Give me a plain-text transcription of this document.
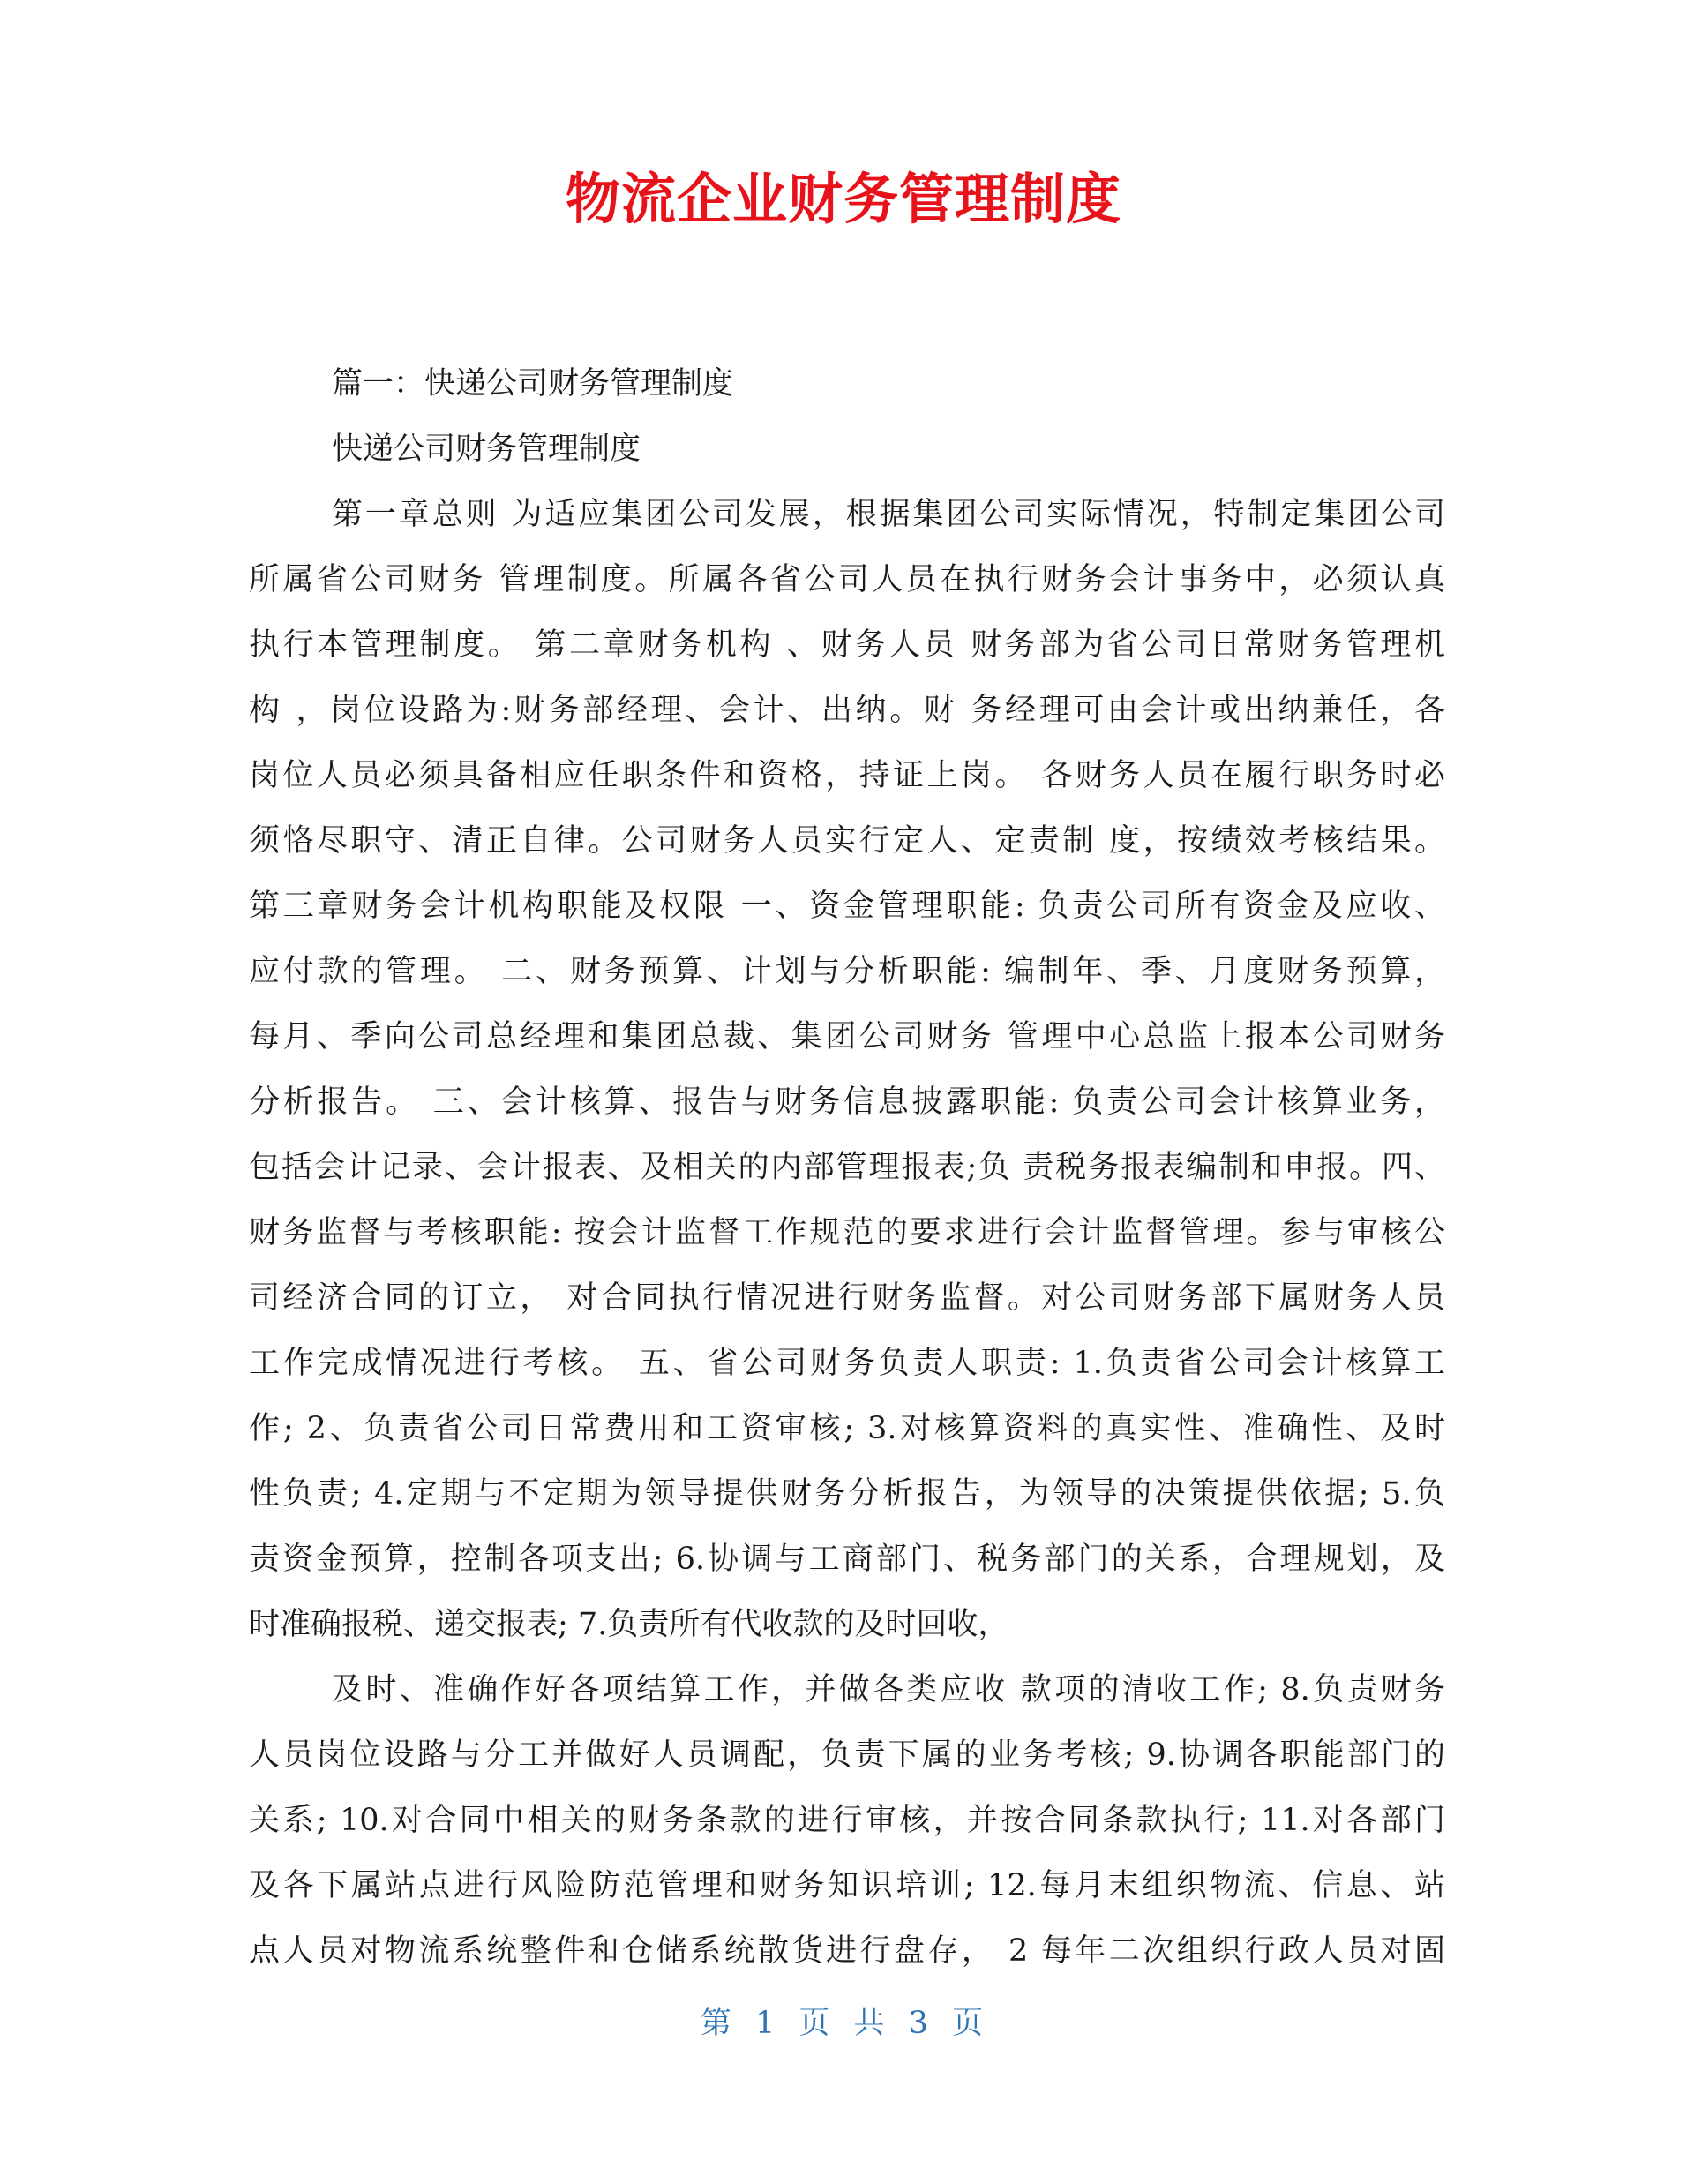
物流企业财务管理制度
篇一：快递公司财务管理制度
快递公司财务管理制度
第一章总则 为适应集团公司发展，根据集团公司实际情况，特制定集团公司
所属省公司财务 管理制度。所属各省公司人员在执行财务会计事务中，必须认真
执行本管理制度。 第二章财务机构 、财务人员 财务部为省公司日常财务管理机
构 ，岗位设路为:财务部经理、会计、出纳。财 务经理可由会计或出纳兼任，各
岗位人员必须具备相应任职条件和资格，持证上岗。 各财务人员在履行职务时必
须恪尽职守、清正自律。公司财务人员实行定人、定责制 度，按绩效考核结果。
第三章财务会计机构职能及权限 一、资金管理职能: 负责公司所有资金及应收、
应付款的管理。 二、财务预算、计划与分析职能: 编制年、季、月度财务预算，
每月、季向公司总经理和集团总裁、集团公司财务 管理中心总监上报本公司财务
分析报告。 三、会计核算、报告与财务信息披露职能: 负责公司会计核算业务，
包括会计记录、会计报表、及相关的内部管理报表;负 责税务报表编制和申报。四、
财务监督与考核职能: 按会计监督工作规范的要求进行会计监督管理。参与审核公
司经济合同的订立， 对合同执行情况进行财务监督。对公司财务部下属财务人员
工作完成情况进行考核。 五、省公司财务负责人职责: 1.负责省公司会计核算工
作; 2、负责省公司日常费用和工资审核; 3.对核算资料的真实性、准确性、及时
性负责; 4.定期与不定期为领导提供财务分析报告，为领导的决策提供依据; 5.负
责资金预算，控制各项支出; 6.协调与工商部门、税务部门的关系，合理规划，及
时准确报税、递交报表; 7.负责所有代收款的及时回收，
及时、准确作好各项结算工作，并做各类应收 款项的清收工作; 8.负责财务
人员岗位设路与分工并做好人员调配，负责下属的业务考核; 9.协调各职能部门的
关系; 10.对合同中相关的财务条款的进行审核，并按合同条款执行; 11.对各部门
及各下属站点进行风险防范管理和财务知识培训; 12.每月末组织物流、信息、站
点人员对物流系统整件和仓储系统散货进行盘存， 2 每年二次组织行政人员对固
第 1 页 共 3 页
